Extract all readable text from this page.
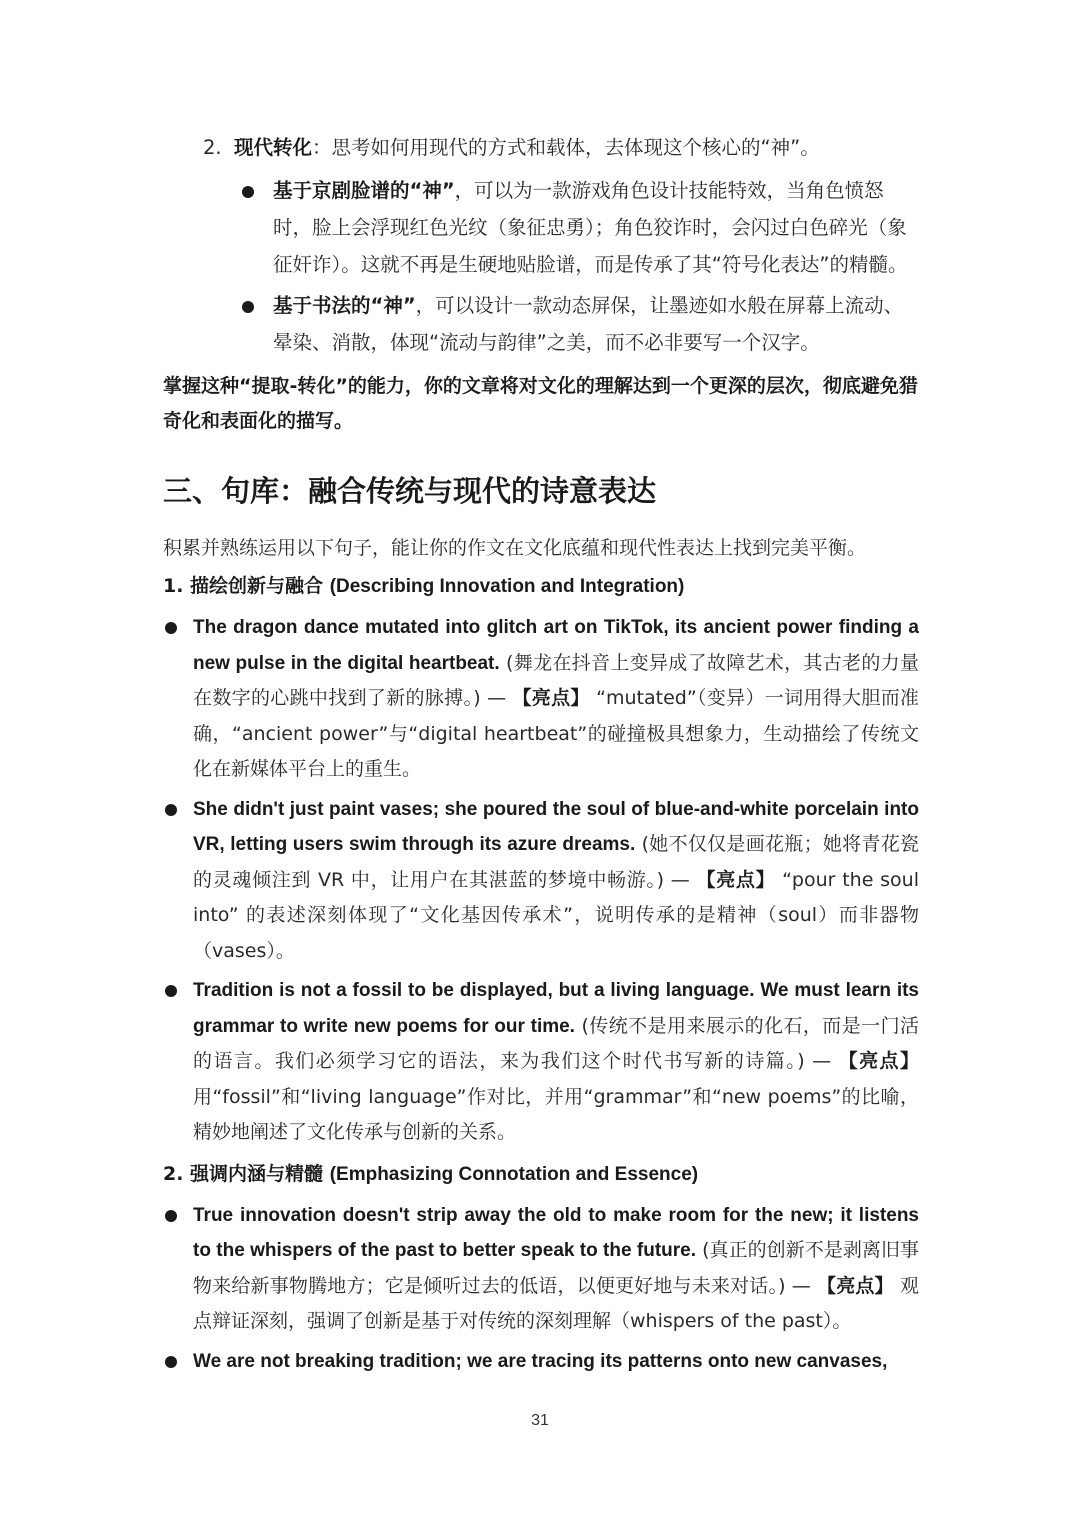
2. 现代转化：思考如何用现代的方式和载体，去体现这个核心的“神”。

基于京剧脸谱的“神”，可以为一款游戏角色设计技能特效，当角色愤怒时，脸上会浮现红色光纹（象征忠勇）；角色狡诈时，会闪过白色碎光（象征奸诈）。这就不再是生硬地贴脸谱，而是传承了其“符号化表达”的精髓。
基于书法的“神”，可以设计一款动态屏保，让墨迹如水般在屏幕上流动、晕染、消散，体现“流动与韵律”之美，而不必非要写一个汉字。

掌握这种“提取-转化”的能力，你的文章将对文化的理解达到一个更深的层次，彻底避免猎奇化和表面化的描写。

三、句库：融合传统与现代的诗意表达

积累并熟练运用以下句子，能让你的作文在文化底蕴和现代性表达上找到完美平衡。

1. 描绘创新与融合 (Describing Innovation and Integration)

The dragon dance mutated into glitch art on TikTok, its ancient power finding a new pulse in the digital heartbeat. (舞龙在抖音上变异成了故障艺术，其古老的力量在数字的心跳中找到了新的脉搏。) — 【亮点】 “mutated”（变异）一词用得大胆而准确，“ancient power”与“digital heartbeat”的碰撞极具想象力，生动描绘了传统文化在新媒体平台上的重生。
She didn't just paint vases; she poured the soul of blue-and-white porcelain into VR, letting users swim through its azure dreams. (她不仅仅是画花瓶；她将青花瓷的灵魂倾注到 VR 中，让用户在其湛蓝的梦境中畅游。) — 【亮点】 “pour the soul into” 的表述深刻体现了“文化基因传承术”，说明传承的是精神（soul）而非器物（vases）。
Tradition is not a fossil to be displayed, but a living language. We must learn its grammar to write new poems for our time. (传统不是用来展示的化石，而是一门活的语言。我们必须学习它的语法，来为我们这个时代书写新的诗篇。) — 【亮点】 用“fossil”和“living language”作对比，并用“grammar”和“new poems”的比喻，精妙地阐述了文化传承与创新的关系。

2. 强调内涵与精髓 (Emphasizing Connotation and Essence)

True innovation doesn't strip away the old to make room for the new; it listens to the whispers of the past to better speak to the future. (真正的创新不是剥离旧事物来给新事物腾地方；它是倾听过去的低语，以便更好地与未来对话。) — 【亮点】 观点辩证深刻，强调了创新是基于对传统的深刻理解（whispers of the past）。
We are not breaking tradition; we are tracing its patterns onto new canvases,
31
